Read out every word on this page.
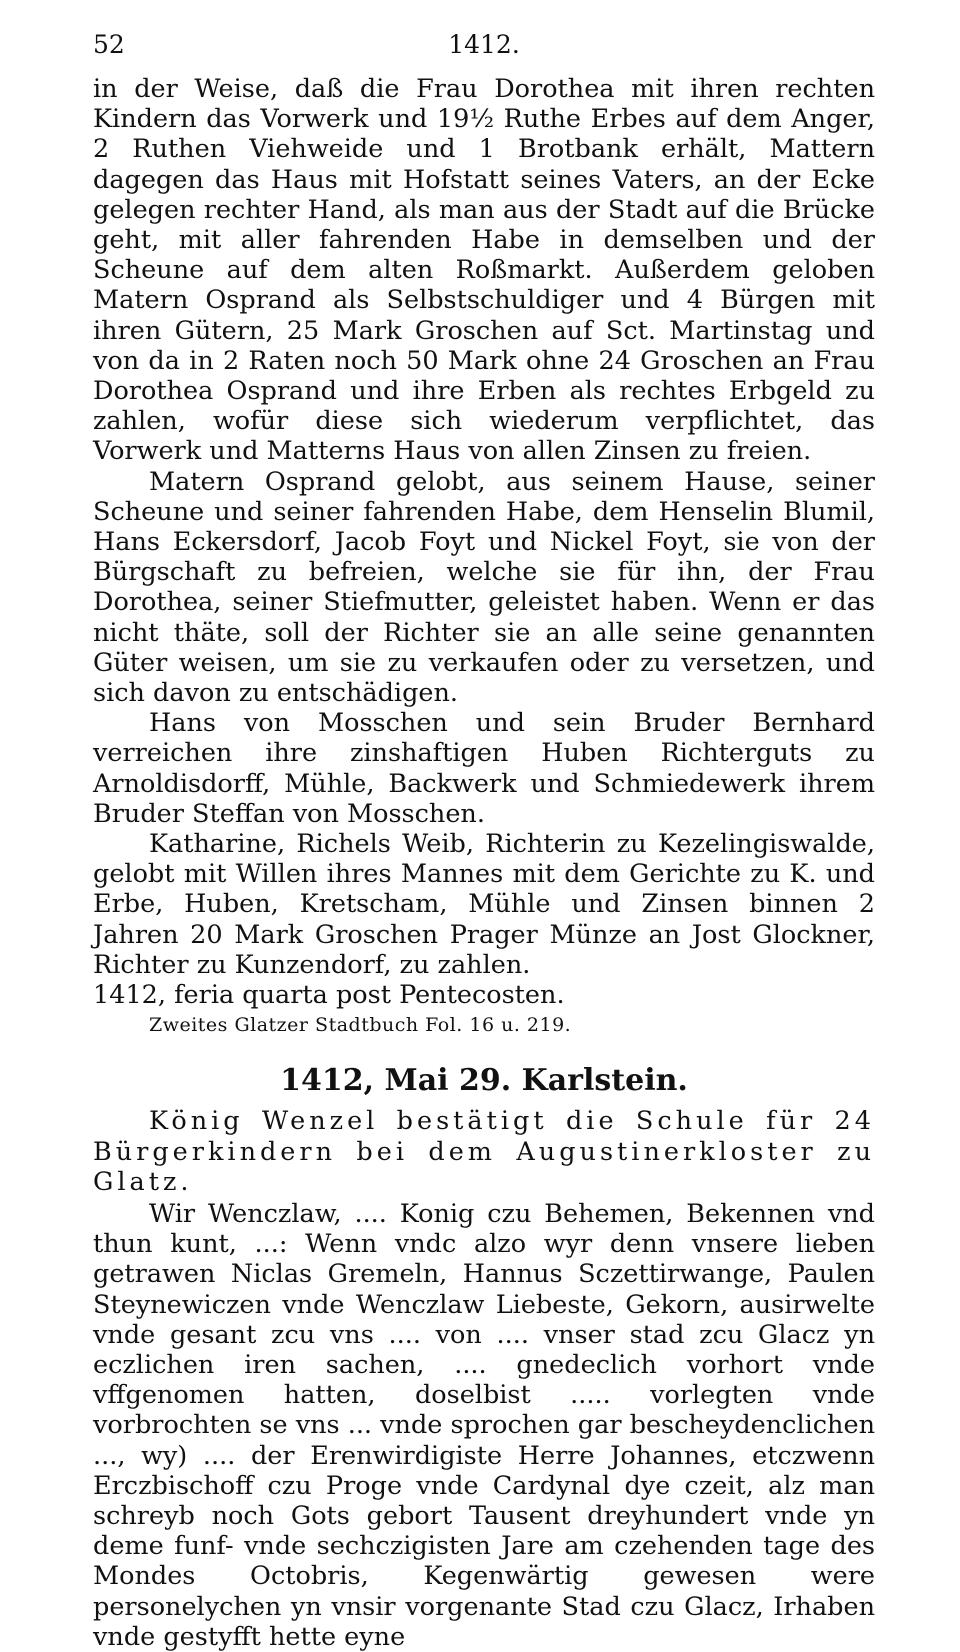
52	1412.

in der Weise, daß die Frau Dorothea mit ihren rechten Kindern das Vorwerk und 19½ Ruthe Erbes auf dem Anger, 2 Ruthen Viehweide und 1 Brotbank erhält, Mattern dagegen das Haus mit Hofstatt seines Vaters, an der Ecke gelegen rechter Hand, als man aus der Stadt auf die Brücke geht, mit aller fahrenden Habe in demselben und der Scheune auf dem alten Roßmarkt. Außerdem geloben Matern Osprand als Selbstschuldiger und 4 Bürgen mit ihren Gütern, 25 Mark Groschen auf Sct. Martinstag und von da in 2 Raten noch 50 Mark ohne 24 Groschen an Frau Dorothea Osprand und ihre Erben als rechtes Erbgeld zu zahlen, wofür diese sich wiederum verpflichtet, das Vorwerk und Matterns Haus von allen Zinsen zu freien.

Matern Osprand gelobt, aus seinem Hause, seiner Scheune und seiner fahrenden Habe, dem Henselin Blumil, Hans Eckersdorf, Jacob Foyt und Nickel Foyt, sie von der Bürgschaft zu befreien, welche sie für ihn, der Frau Dorothea, seiner Stiefmutter, geleistet haben. Wenn er das nicht thäte, soll der Richter sie an alle seine genannten Güter weisen, um sie zu verkaufen oder zu versetzen, und sich davon zu entschädigen.

Hans von Mosschen und sein Bruder Bernhard verreichen ihre zinshaftigen Huben Richterguts zu Arnoldisdorff, Mühle, Backwerk und Schmiedewerk ihrem Bruder Steffan von Mosschen.

Katharine, Richels Weib, Richterin zu Kezelingiswalde, gelobt mit Willen ihres Mannes mit dem Gerichte zu K. und Erbe, Huben, Kretscham, Mühle und Zinsen binnen 2 Jahren 20 Mark Groschen Prager Münze an Jost Glockner, Richter zu Kunzendorf, zu zahlen.

1412, feria quarta post Pentecosten.

Zweites Glatzer Stadtbuch Fol. 16 u. 219.

1412, Mai 29. Karlstein.

König Wenzel bestätigt die Schule für 24 Bürgerkindern bei dem Augustinerkloster zu Glatz.

Wir Wenczlaw, .... Konig czu Behemen, Bekennen vnd thun kunt, ...: Wenn vndc alzo wyr denn vnsere lieben getrawen Niclas Gremeln, Hannus Sczettirwange, Paulen Steynewiczen vnde Wenczlaw Liebeste, Gekorn, ausirwelte vnde gesant zcu vns .... von .... vnser stad zcu Glacz yn eczlichen iren sachen, .... gnedeclich vorhort vnde vffgenomen hatten, doselbist ..... vorlegten vnde vorbrochten se vns ... vnde sprochen gar bescheydenclichen ..., wy) .... der Erenwirdigiste Herre Johannes, etczwenn Erczbischoff czu Proge vnde Cardynal dye czeit, alz man schreyb noch Gots gebort Tausent dreyhundert vnde yn deme funf- vnde sechczigisten Jare am czehenden tage des Mondes Octobris, Kegenwärtig gewesen were personelychen yn vnsir vorgenante Stad czu Glacz, Irhaben vnde gestyfft hette eyne
